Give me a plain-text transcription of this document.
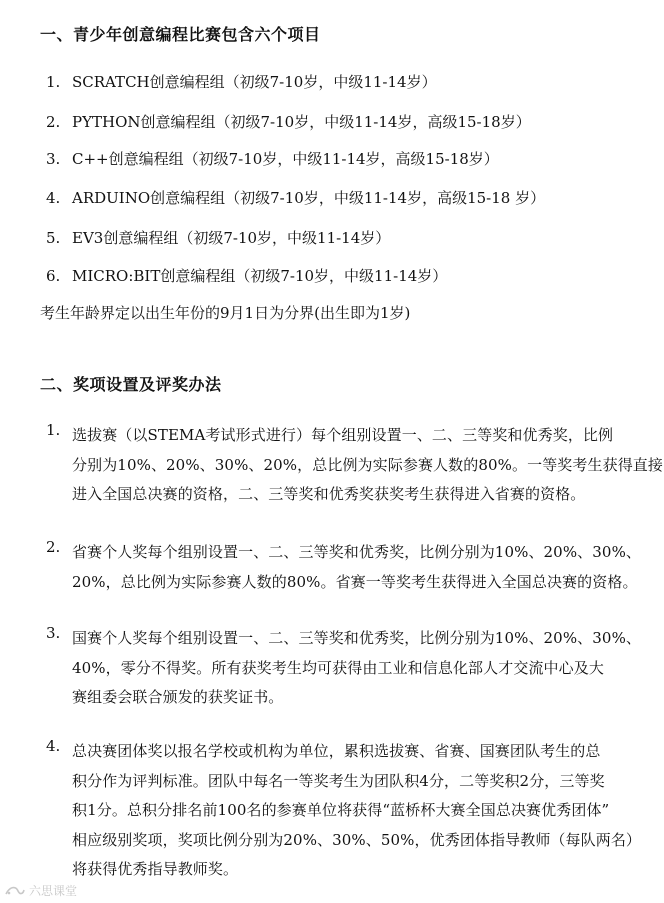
一、青少年创意编程比赛包含六个项目
1. SCRATCH创意编程组（初级7-10岁，中级11-14岁）
2. PYTHON创意编程组（初级7-10岁，中级11-14岁，高级15-18岁）
3. C++创意编程组（初级7-10岁，中级11-14岁，高级15-18岁）
4. ARDUINO创意编程组（初级7-10岁，中级11-14岁，高级15-18 岁）
5. EV3创意编程组（初级7-10岁，中级11-14岁）
6. MICRO:BIT创意编程组（初级7-10岁，中级11-14岁）
考生年龄界定以出生年份的9月1日为分界(出生即为1岁)
二、奖项设置及评奖办法
1. 选拔赛（以STEMA考试形式进行）每个组别设置一、二、三等奖和优秀奖，比例
分别为10%、20%、30%、20%，总比例为实际参赛人数的80%。一等奖考生获得直接
进入全国总决赛的资格，二、三等奖和优秀奖获奖考生获得进入省赛的资格。
2. 省赛个人奖每个组别设置一、二、三等奖和优秀奖，比例分别为10%、20%、30%、
20%，总比例为实际参赛人数的80%。省赛一等奖考生获得进入全国总决赛的资格。
3. 国赛个人奖每个组别设置一、二、三等奖和优秀奖，比例分别为10%、20%、30%、
40%，零分不得奖。所有获奖考生均可获得由工业和信息化部人才交流中心及大
赛组委会联合颁发的获奖证书。
4. 总决赛团体奖以报名学校或机构为单位，累积选拔赛、省赛、国赛团队考生的总
积分作为评判标准。团队中每名一等奖考生为团队积4分，二等奖积2分，三等奖
积1分。总积分排名前100名的参赛单位将获得“蓝桥杯大赛全国总决赛优秀团体”
相应级别奖项，奖项比例分别为20%、30%、50%，优秀团体指导教师（每队两名）
将获得优秀指导教师奖。
六思课堂
